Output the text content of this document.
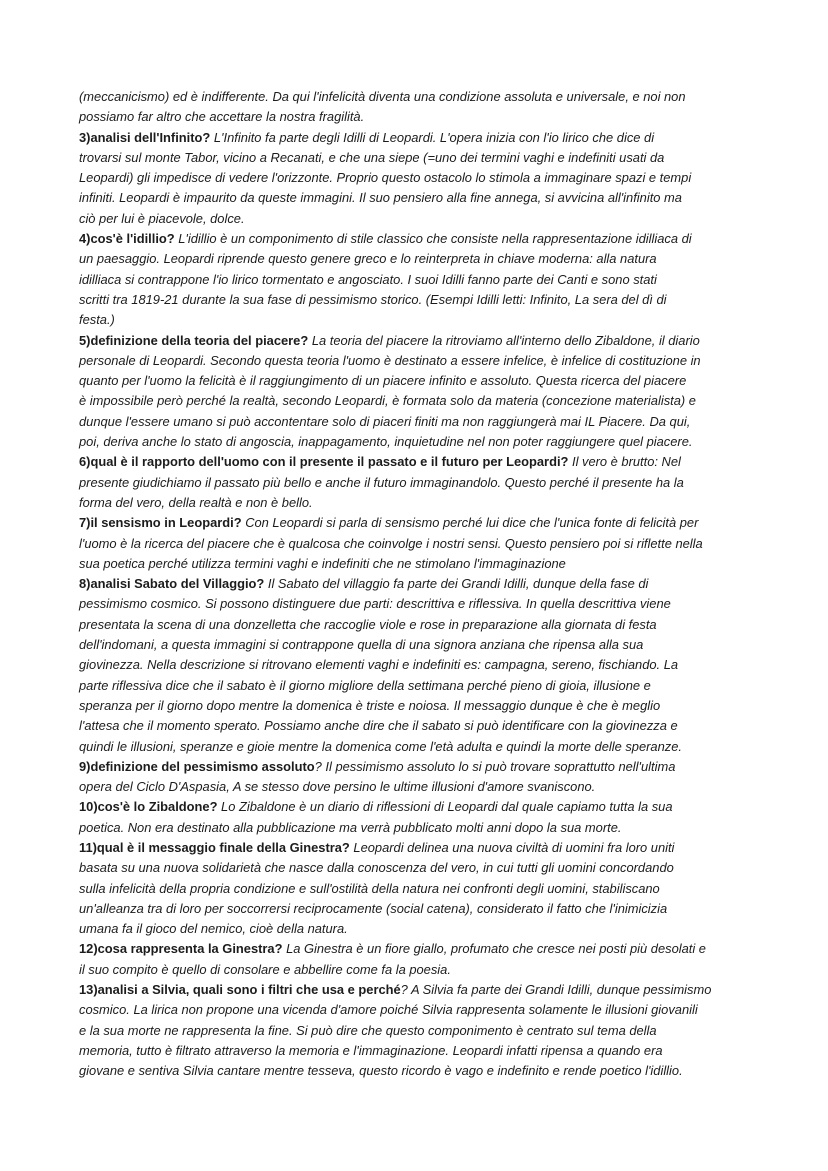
(meccanicismo) ed è indifferente. Da qui l'infelicità diventa una condizione assoluta e universale, e noi non
possiamo far altro che accettare la nostra fragilità.
3)analisi dell'Infinito? L'Infinito fa parte degli Idilli di Leopardi. L'opera inizia con l'io lirico che dice di
trovarsi sul monte Tabor, vicino a Recanati, e che una siepe (=uno dei termini vaghi e indefiniti usati da
Leopardi) gli impedisce di vedere l'orizzonte. Proprio questo ostacolo lo stimola a immaginare spazi e tempi
infiniti. Leopardi è impaurito da queste immagini. Il suo pensiero alla fine annega, si avvicina all'infinito ma
ciò per lui è piacevole, dolce.
4)cos'è l'idillio? L'idillio è un componimento di stile classico che consiste nella rappresentazione idilliaca di
un paesaggio. Leopardi riprende questo genere greco e lo reinterpreta in chiave moderna: alla natura
idilliaca si contrappone l'io lirico tormentato e angosciato. I suoi Idilli fanno parte dei Canti e sono stati
scritti tra 1819-21 durante la sua fase di pessimismo storico. (Esempi Idilli letti: Infinito, La sera del dì di
festa.)
5)definizione della teoria del piacere? La teoria del piacere la ritroviamo all'interno dello Zibaldone, il diario
personale di Leopardi. Secondo questa teoria l'uomo è destinato a essere infelice, è infelice di costituzione in
quanto per l'uomo la felicità è il raggiungimento di un piacere infinito e assoluto. Questa ricerca del piacere
è impossibile però perché la realtà, secondo Leopardi, è formata solo da materia (concezione materialista) e
dunque l'essere umano si può accontentare solo di piaceri finiti ma non raggiungerà mai IL Piacere. Da qui,
poi, deriva anche lo stato di angoscia, inappagamento, inquietudine nel non poter raggiungere quel piacere.
6)qual è il rapporto dell'uomo con il presente il passato e il futuro per Leopardi? Il vero è brutto: Nel
presente giudichiamo il passato più bello e anche il futuro immaginandolo. Questo perché il presente ha la
forma del vero, della realtà e non è bello.
7)il sensismo in Leopardi? Con Leopardi si parla di sensismo perché lui dice che l'unica fonte di felicità per
l'uomo è la ricerca del piacere che è qualcosa che coinvolge i nostri sensi. Questo pensiero poi si riflette nella
sua poetica perché utilizza termini vaghi e indefiniti che ne stimolano l'immaginazione
8)analisi Sabato del Villaggio? Il Sabato del villaggio fa parte dei Grandi Idilli, dunque della fase di
pessimismo cosmico. Si possono distinguere due parti: descrittiva e riflessiva. In quella descrittiva viene
presentata la scena di una donzelletta che raccoglie viole e rose in preparazione alla giornata di festa
dell'indomani, a questa immagini si contrappone quella di una signora anziana che ripensa alla sua
giovinezza. Nella descrizione si ritrovano elementi vaghi e indefiniti es: campagna, sereno, fischiando. La
parte riflessiva dice che il sabato è il giorno migliore della settimana perché pieno di gioia, illusione e
speranza per il giorno dopo mentre la domenica è triste e noiosa. Il messaggio dunque è che è meglio
l'attesa che il momento sperato. Possiamo anche dire che il sabato si può identificare con la giovinezza e
quindi le illusioni, speranze e gioie mentre la domenica come l'età adulta e quindi la morte delle speranze.
9)definizione del pessimismo assoluto? Il pessimismo assoluto lo si può trovare soprattutto nell'ultima
opera del Ciclo D'Aspasia, A se stesso dove persino le ultime illusioni d'amore svaniscono.
10)cos'è lo Zibaldone? Lo Zibaldone è un diario di riflessioni di Leopardi dal quale capiamo tutta la sua
poetica. Non era destinato alla pubblicazione ma verrà pubblicato molti anni dopo la sua morte.
11)qual è il messaggio finale della Ginestra? Leopardi delinea una nuova civiltà di uomini fra loro uniti
basata su una nuova solidarietà che nasce dalla conoscenza del vero, in cui tutti gli uomini concordando
sulla infelicità della propria condizione e sull'ostilità della natura nei confronti degli uomini, stabiliscano
un'alleanza tra di loro per soccorrersi reciprocamente (social catena), considerato il fatto che l'inimicizia
umana fa il gioco del nemico, cioè della natura.
12)cosa rappresenta la Ginestra? La Ginestra è un fiore giallo, profumato che cresce nei posti più desolati e
il suo compito è quello di consolare e abbellire come fa la poesia.
13)analisi a Silvia, quali sono i filtri che usa e perché? A Silvia fa parte dei Grandi Idilli, dunque pessimismo
cosmico. La lirica non propone una vicenda d'amore poiché Silvia rappresenta solamente le illusioni giovanili
e la sua morte ne rappresenta la fine. Si può dire che questo componimento è centrato sul tema della
memoria, tutto è filtrato attraverso la memoria e l'immaginazione. Leopardi infatti ripensa a quando era
giovane e sentiva Silvia cantare mentre tesseva, questo ricordo è vago e indefinito e rende poetico l'idillio.
